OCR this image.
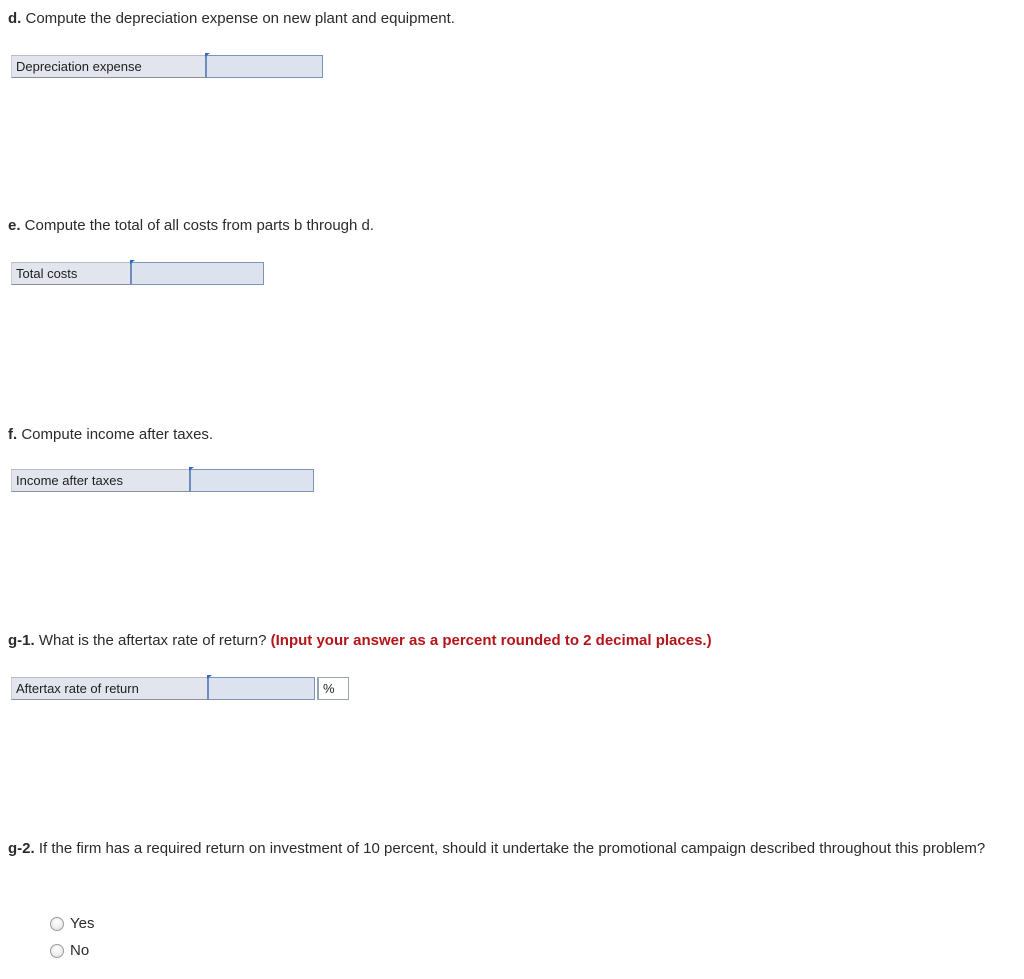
d. Compute the depreciation expense on new plant and equipment.

Depreciation expense

e. Compute the total of all costs from parts b through d.

Total costs

f. Compute income after taxes.

Income after taxes

g-1. What is the aftertax rate of return? (Input your answer as a percent rounded to 2 decimal places.)

Aftertax rate of return	%

g-2. If the firm has a required return on investment of 10 percent, should it undertake the promotional campaign described throughout this problem?

Yes
No
